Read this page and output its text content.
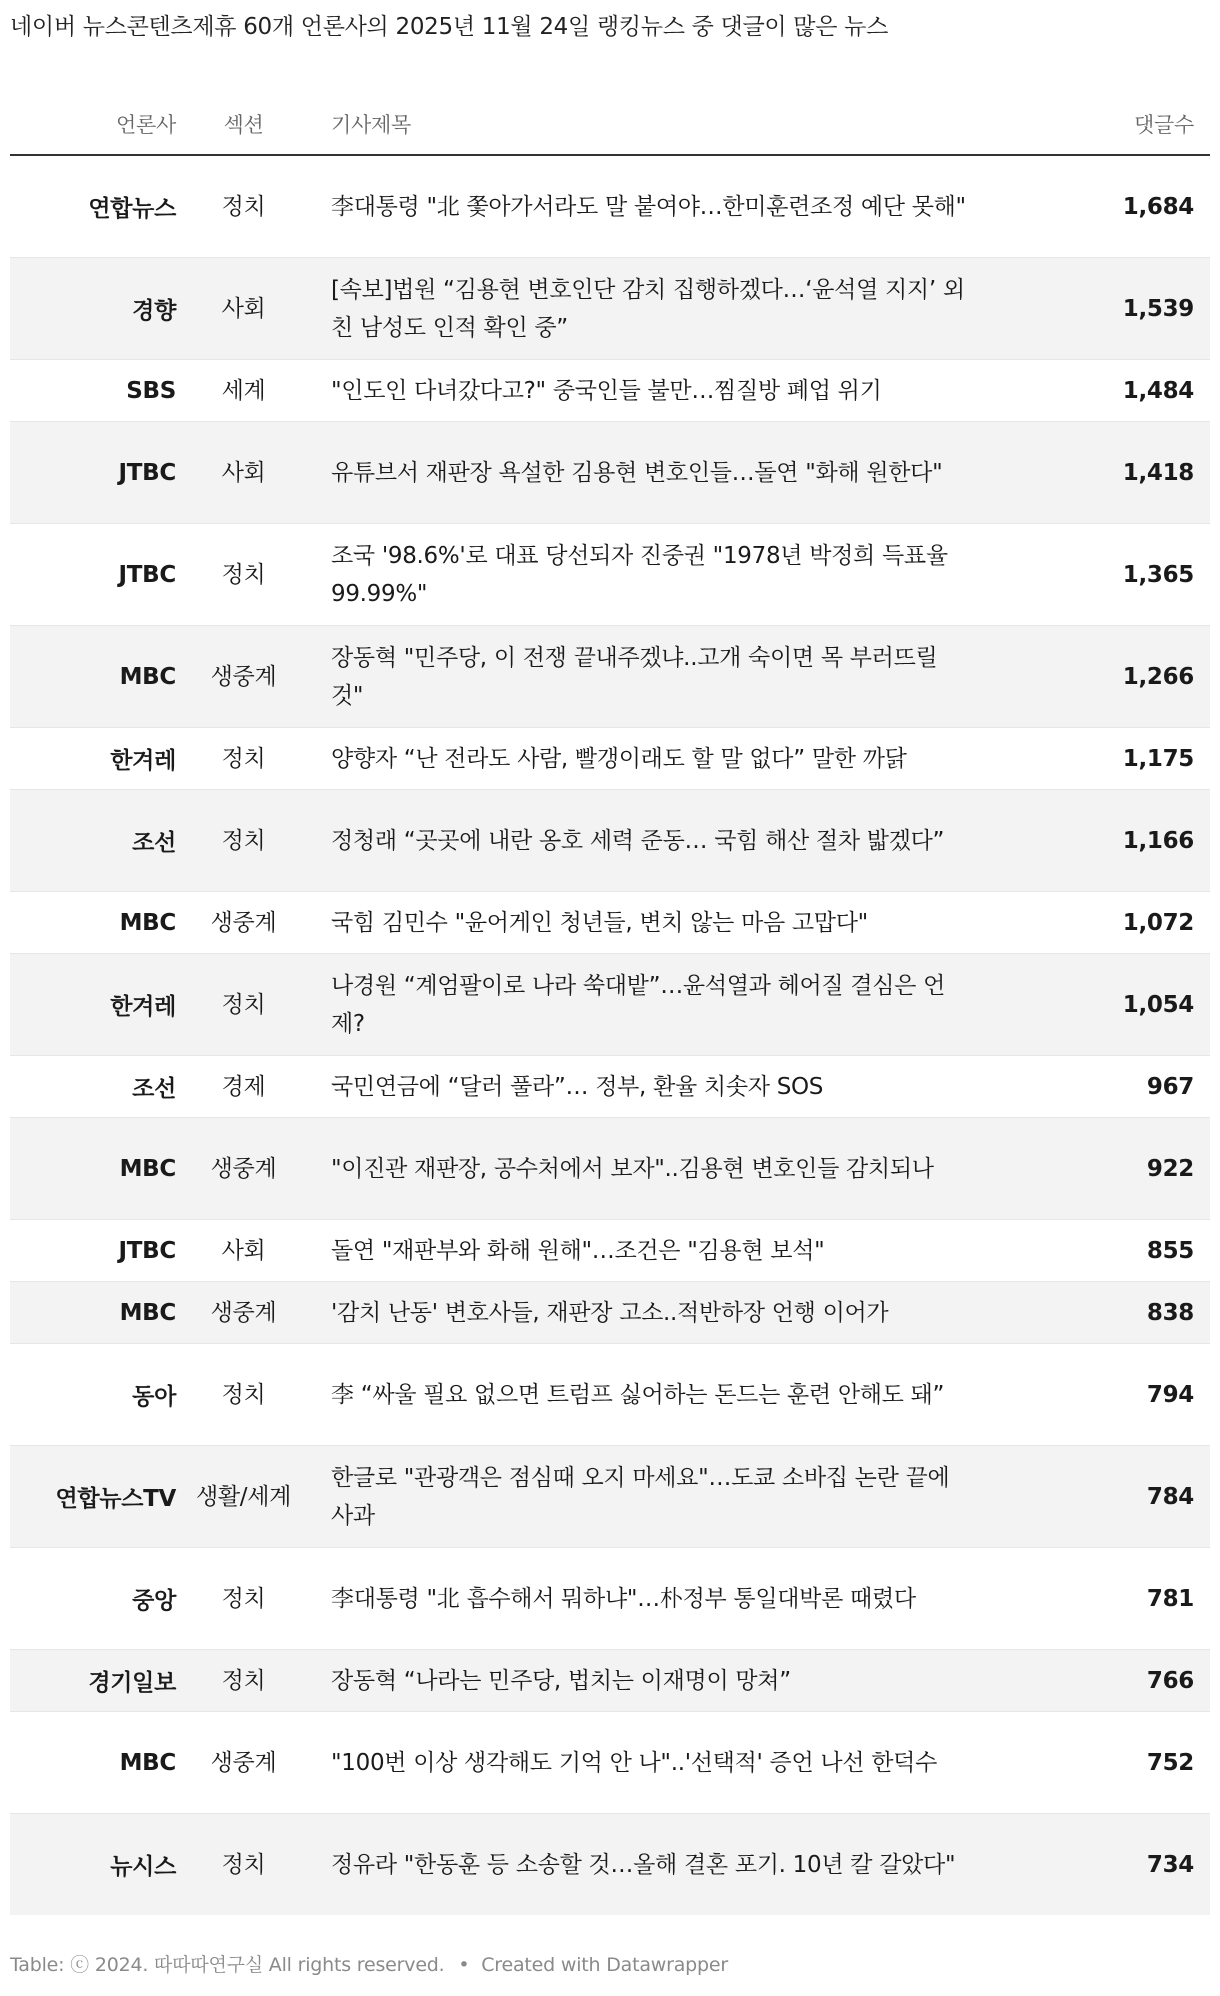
네이버 뉴스콘텐츠제휴 60개 언론사의 2025년 11월 24일 랭킹뉴스 중 댓글이 많은 뉴스
언론사	섹션	기사제목	댓글수
연합뉴스	정치	李대통령 "北 쫓아가서라도 말 붙여야…한미훈련조정 예단 못해"	1,684
경향	사회	[속보]법원 “김용현 변호인단 감치 집행하겠다…‘윤석열 지지’ 외친 남성도 인적 확인 중”	1,539
SBS	세계	"인도인 다녀갔다고?" 중국인들 불만…찜질방 폐업 위기	1,484
JTBC	사회	유튜브서 재판장 욕설한 김용현 변호인들…돌연 "화해 원한다"	1,418
JTBC	정치	조국 '98.6%'로 대표 당선되자 진중권 "1978년 박정희 득표율 99.99%"	1,365
MBC	생중계	장동혁 "민주당, 이 전쟁 끝내주겠냐..고개 숙이면 목 부러뜨릴 것"	1,266
한겨레	정치	양향자 “난 전라도 사람, 빨갱이래도 할 말 없다” 말한 까닭	1,175
조선	정치	정청래 “곳곳에 내란 옹호 세력 준동… 국힘 해산 절차 밟겠다”	1,166
MBC	생중계	국힘 김민수 "윤어게인 청년들, 변치 않는 마음 고맙다"	1,072
한겨레	정치	나경원 “계엄팔이로 나라 쑥대밭”…윤석열과 헤어질 결심은 언제?	1,054
조선	경제	국민연금에 “달러 풀라”… 정부, 환율 치솟자 SOS	967
MBC	생중계	"이진관 재판장, 공수처에서 보자"..김용현 변호인들 감치되나	922
JTBC	사회	돌연 "재판부와 화해 원해"…조건은 "김용현 보석"	855
MBC	생중계	'감치 난동' 변호사들, 재판장 고소..적반하장 언행 이어가	838
동아	정치	李 “싸울 필요 없으면 트럼프 싫어하는 돈드는 훈련 안해도 돼”	794
연합뉴스TV	생활/세계	한글로 "관광객은 점심때 오지 마세요"…도쿄 소바집 논란 끝에 사과	784
중앙	정치	李대통령 "北 흡수해서 뭐하냐"…朴정부 통일대박론 때렸다	781
경기일보	정치	장동혁 “나라는 민주당, 법치는 이재명이 망쳐”	766
MBC	생중계	"100번 이상 생각해도 기억 안 나"..'선택적' 증언 나선 한덕수	752
뉴시스	정치	정유라 "한동훈 등 소송할 것…올해 결혼 포기. 10년 칼 갈았다"	734
Table: ⓒ 2024. 따따따연구실 All rights reserved. • Created with Datawrapper
